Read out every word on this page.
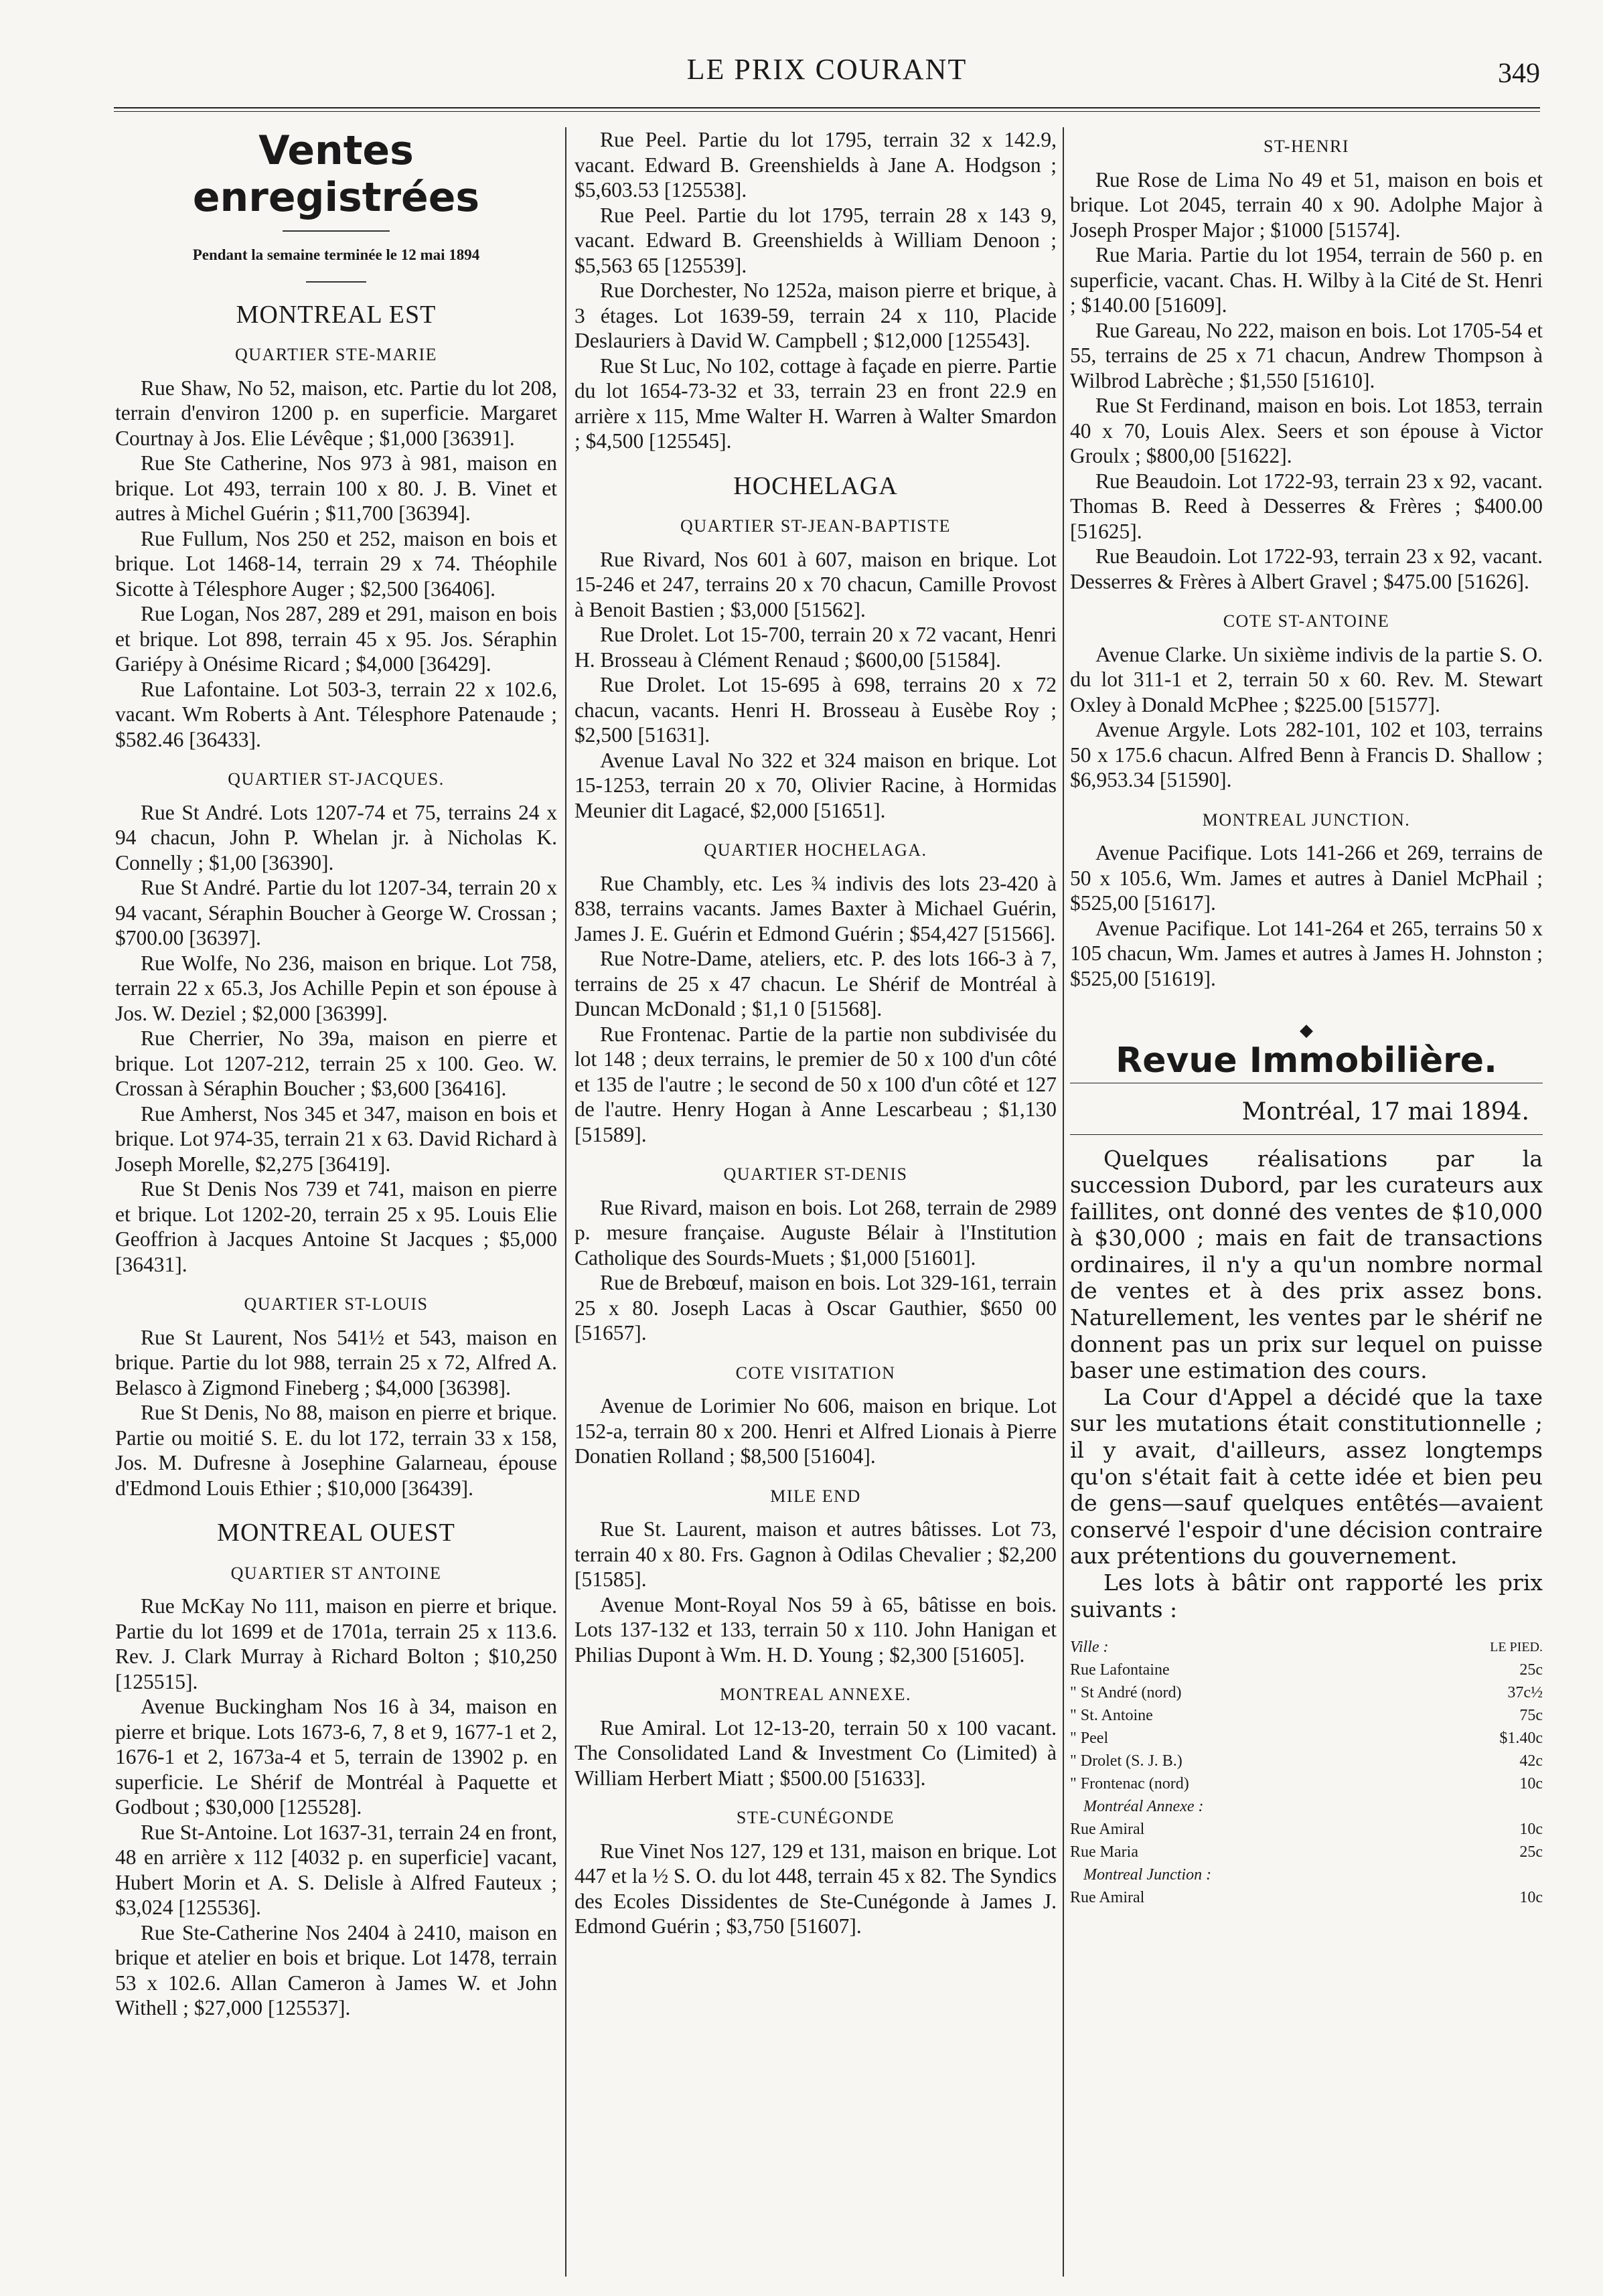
LE PRIX COURANT	349
Ventes enregistrées
Pendant la semaine terminée le 12 mai 1894
MONTREAL EST
QUARTIER STE-MARIE

Rue Shaw, No 52, maison, etc. Partie du lot 208, terrain d'environ 1200 p. en superficie. Margaret Courtnay à Jos. Elie Lévêque ; $1,000 [36391].

Rue Ste Catherine, Nos 973 à 981, maison en brique. Lot 493, terrain 100 x 80. J. B. Vinet et autres à Michel Guérin ; $11,700 [36394].

Rue Fullum, Nos 250 et 252, maison en bois et brique. Lot 1468-14, terrain 29 x 74. Théophile Sicotte à Télesphore Auger ; $2,500 [36406].

Rue Logan, Nos 287, 289 et 291, maison en bois et brique. Lot 898, terrain 45 x 95. Jos. Séraphin Gariépy à Onésime Ricard ; $4,000 [36429].

Rue Lafontaine. Lot 503-3, terrain 22 x 102.6, vacant. Wm Roberts à Ant. Télesphore Patenaude ; $582.46 [36433].

QUARTIER ST-JACQUES.

Rue St André. Lots 1207-74 et 75, terrains 24 x 94 chacun, John P. Whelan jr. à Nicholas K. Connelly ; $1,00 [36390].

Rue St André. Partie du lot 1207-34, terrain 20 x 94 vacant, Séraphin Boucher à George W. Crossan ; $700.00 [36397].

Rue Wolfe, No 236, maison en brique. Lot 758, terrain 22 x 65.3, Jos Achille Pepin et son épouse à Jos. W. Deziel ; $2,000 [36399].

Rue Cherrier, No 39a, maison en pierre et brique. Lot 1207-212, terrain 25 x 100. Geo. W. Crossan à Séraphin Boucher ; $3,600 [36416].

Rue Amherst, Nos 345 et 347, maison en bois et brique. Lot 974-35, terrain 21 x 63. David Richard à Joseph Morelle, $2,275 [36419].

Rue St Denis Nos 739 et 741, maison en pierre et brique. Lot 1202-20, terrain 25 x 95. Louis Elie Geoffrion à Jacques Antoine St Jacques ; $5,000 [36431].

QUARTIER ST-LOUIS

Rue St Laurent, Nos 541½ et 543, maison en brique. Partie du lot 988, terrain 25 x 72, Alfred A. Belasco à Zigmond Fineberg ; $4,000 [36398].

Rue St Denis, No 88, maison en pierre et brique. Partie ou moitié S. E. du lot 172, terrain 33 x 158, Jos. M. Dufresne à Josephine Galarneau, épouse d'Edmond Louis Ethier ; $10,000 [36439].

MONTREAL OUEST
QUARTIER ST ANTOINE

Rue McKay No 111, maison en pierre et brique. Partie du lot 1699 et de 1701a, terrain 25 x 113.6. Rev. J. Clark Murray à Richard Bolton ; $10,250 [125515].

Avenue Buckingham Nos 16 à 34, maison en pierre et brique. Lots 1673-6, 7, 8 et 9, 1677-1 et 2, 1676-1 et 2, 1673a-4 et 5, terrain de 13902 p. en superficie. Le Shérif de Montréal à Paquette et Godbout ; $30,000 [125528].

Rue St-Antoine. Lot 1637-31, terrain 24 en front, 48 en arrière x 112 [4032 p. en superficie] vacant, Hubert Morin et A. S. Delisle à Alfred Fauteux ; $3,024 [125536].

Rue Ste-Catherine Nos 2404 à 2410, maison en brique et atelier en bois et brique. Lot 1478, terrain 53 x 102.6. Allan Cameron à James W. et John Withell ; $27,000 [125537].

Rue Peel. Partie du lot 1795, terrain 32 x 142.9, vacant. Edward B. Greenshields à Jane A. Hodgson ; $5,603.53 [125538].

Rue Peel. Partie du lot 1795, terrain 28 x 143 9, vacant. Edward B. Greenshields à William Denoon ; $5,563 65 [125539].

Rue Dorchester, No 1252a, maison pierre et brique, à 3 étages. Lot 1639-59, terrain 24 x 110, Placide Deslauriers à David W. Campbell ; $12,000 [125543].

Rue St Luc, No 102, cottage à façade en pierre. Partie du lot 1654-73-32 et 33, terrain 23 en front 22.9 en arrière x 115, Mme Walter H. Warren à Walter Smardon ; $4,500 [125545].

HOCHELAGA
QUARTIER ST-JEAN-BAPTISTE

Rue Rivard, Nos 601 à 607, maison en brique. Lot 15-246 et 247, terrains 20 x 70 chacun, Camille Provost à Benoit Bastien ; $3,000 [51562].

Rue Drolet. Lot 15-700, terrain 20 x 72 vacant, Henri H. Brosseau à Clément Renaud ; $600,00 [51584].

Rue Drolet. Lot 15-695 à 698, terrains 20 x 72 chacun, vacants. Henri H. Brosseau à Eusèbe Roy ; $2,500 [51631].

Avenue Laval No 322 et 324 maison en brique. Lot 15-1253, terrain 20 x 70, Olivier Racine, à Hormidas Meunier dit Lagacé, $2,000 [51651].

QUARTIER HOCHELAGA.

Rue Chambly, etc. Les ¾ indivis des lots 23-420 à 838, terrains vacants. James Baxter à Michael Guérin, James J. E. Guérin et Edmond Guérin ; $54,427 [51566].

Rue Notre-Dame, ateliers, etc. P. des lots 166-3 à 7, terrains de 25 x 47 chacun. Le Shérif de Montréal à Duncan McDonald ; $1,1 0 [51568].

Rue Frontenac. Partie de la partie non subdivisée du lot 148 ; deux terrains, le premier de 50 x 100 d'un côté et 135 de l'autre ; le second de 50 x 100 d'un côté et 127 de l'autre. Henry Hogan à Anne Lescarbeau ; $1,130 [51589].

QUARTIER ST-DENIS

Rue Rivard, maison en bois. Lot 268, terrain de 2989 p. mesure française. Auguste Bélair à l'Institution Catholique des Sourds-Muets ; $1,000 [51601].

Rue de Brebœuf, maison en bois. Lot 329-161, terrain 25 x 80. Joseph Lacas à Oscar Gauthier, $650 00 [51657].

COTE VISITATION

Avenue de Lorimier No 606, maison en brique. Lot 152-a, terrain 80 x 200. Henri et Alfred Lionais à Pierre Donatien Rolland ; $8,500 [51604].

MILE END

Rue St. Laurent, maison et autres bâtisses. Lot 73, terrain 40 x 80. Frs. Gagnon à Odilas Chevalier ; $2,200 [51585].

Avenue Mont-Royal Nos 59 à 65, bâtisse en bois. Lots 137-132 et 133, terrain 50 x 110. John Hanigan et Philias Dupont à Wm. H. D. Young ; $2,300 [51605].

MONTREAL ANNEXE.

Rue Amiral. Lot 12-13-20, terrain 50 x 100 vacant. The Consolidated Land & Investment Co (Limited) à William Herbert Miatt ; $500.00 [51633].

STE-CUNÉGONDE

Rue Vinet Nos 127, 129 et 131, maison en brique. Lot 447 et la ½ S. O. du lot 448, terrain 45 x 82. The Syndics des Ecoles Dissidentes de Ste-Cunégonde à James J. Edmond Guérin ; $3,750 [51607].

ST-HENRI

Rue Rose de Lima No 49 et 51, maison en bois et brique. Lot 2045, terrain 40 x 90. Adolphe Major à Joseph Prosper Major ; $1000 [51574].

Rue Maria. Partie du lot 1954, terrain de 560 p. en superficie, vacant. Chas. H. Wilby à la Cité de St. Henri ; $140.00 [51609].

Rue Gareau, No 222, maison en bois. Lot 1705-54 et 55, terrains de 25 x 71 chacun, Andrew Thompson à Wilbrod Labrèche ; $1,550 [51610].

Rue St Ferdinand, maison en bois. Lot 1853, terrain 40 x 70, Louis Alex. Seers et son épouse à Victor Groulx ; $800,00 [51622].

Rue Beaudoin. Lot 1722-93, terrain 23 x 92, vacant. Thomas B. Reed à Desserres & Frères ; $400.00 [51625].

Rue Beaudoin. Lot 1722-93, terrain 23 x 92, vacant. Desserres & Frères à Albert Gravel ; $475.00 [51626].

COTE ST-ANTOINE

Avenue Clarke. Un sixième indivis de la partie S. O. du lot 311-1 et 2, terrain 50 x 60. Rev. M. Stewart Oxley à Donald McPhee ; $225.00 [51577].

Avenue Argyle. Lots 282-101, 102 et 103, terrains 50 x 175.6 chacun. Alfred Benn à Francis D. Shallow ; $6,953.34 [51590].

MONTREAL JUNCTION.

Avenue Pacifique. Lots 141-266 et 269, terrains de 50 x 105.6, Wm. James et autres à Daniel McPhail ; $525,00 [51617].

Avenue Pacifique. Lot 141-264 et 265, terrains 50 x 105 chacun, Wm. James et autres à James H. Johnston ; $525,00 [51619].

◆
Revue Immobilière.
Montréal, 17 mai 1894.

Quelques réalisations par la succession Dubord, par les curateurs aux faillites, ont donné des ventes de $10,000 à $30,000 ; mais en fait de transactions ordinaires, il n'y a qu'un nombre normal de ventes et à des prix assez bons. Naturellement, les ventes par le shérif ne donnent pas un prix sur lequel on puisse baser une estimation des cours.

La Cour d'Appel a décidé que la taxe sur les mutations était constitutionnelle ; il y avait, d'ailleurs, assez longtemps qu'on s'était fait à cette idée et bien peu de gens—sauf quelques entêtés—avaient conservé l'espoir d'une décision contraire aux prétentions du gouvernement.

Les lots à bâtir ont rapporté les prix suivants :

Ville :	LE PIED.
Rue Lafontaine	25c
" St André (nord)	37c½
" St. Antoine	75c
" Peel	$1.40c
" Drolet (S. J. B.)	42c
" Frontenac (nord)	10c
Montréal Annexe :	
Rue Amiral	10c
Rue Maria	25c
Montreal Junction :	
Rue Amiral	10c
